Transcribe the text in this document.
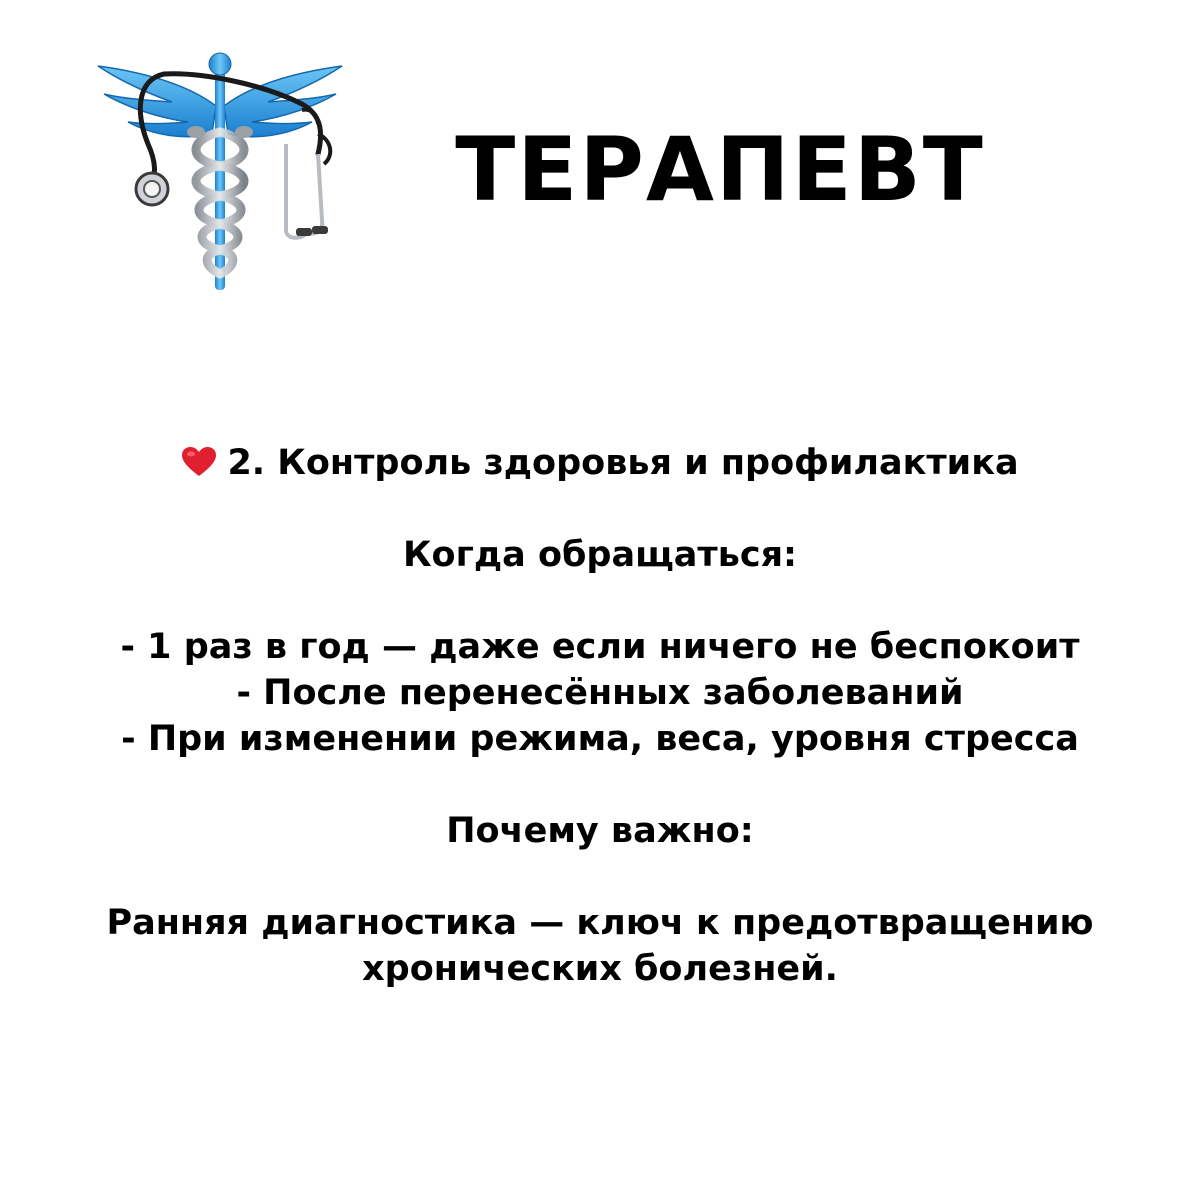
ТЕРАПЕВТ
2. Контроль здоровья и профилактика
Когда обращаться:
- 1 раз в год — даже если ничего не беспокоит
- После перенесённых заболеваний
- При изменении режима, веса, уровня стресса
Почему важно:
Ранняя диагностика — ключ к предотвращению
хронических болезней.
